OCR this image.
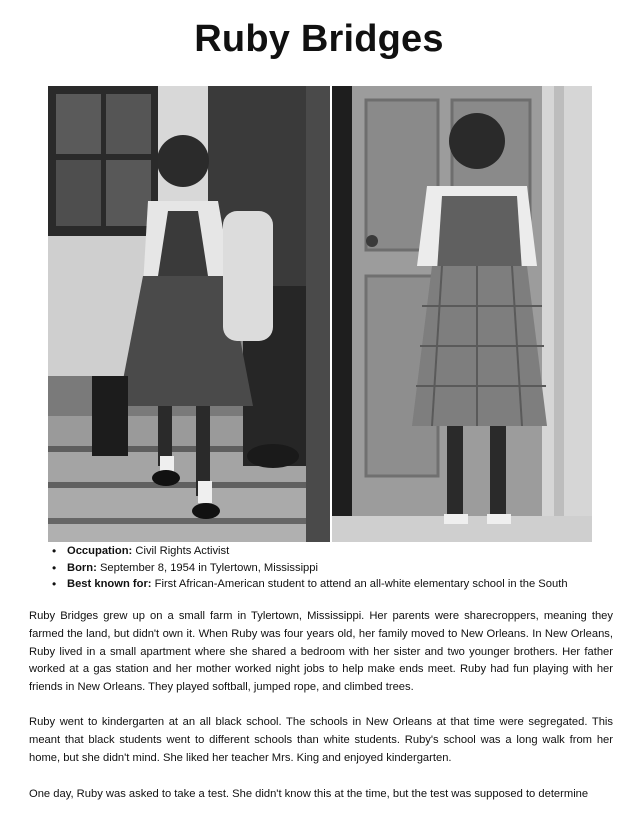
Ruby Bridges
• Occupation: Civil Rights Activist
• Born: September 8, 1954 in Tylertown, Mississippi
• Best known for: First African-American student to attend an all-white elementary school in the South

Ruby Bridges grew up on a small farm in Tylertown, Mississippi. Her parents were sharecroppers, meaning they farmed the land, but didn't own it. When Ruby was four years old, her family moved to New Orleans. In New Orleans, Ruby lived in a small apartment where she shared a bedroom with her sister and two younger brothers. Her father worked at a gas station and her mother worked night jobs to help make ends meet. Ruby had fun playing with her friends in New Orleans. They played softball, jumped rope, and climbed trees.

Ruby went to kindergarten at an all black school. The schools in New Orleans at that time were segregated. This meant that black students went to different schools than white students. Ruby's school was a long walk from her home, but she didn't mind. She liked her teacher Mrs. King and enjoyed kindergarten.

One day, Ruby was asked to take a test. She didn't know this at the time, but the test was supposed to determine
